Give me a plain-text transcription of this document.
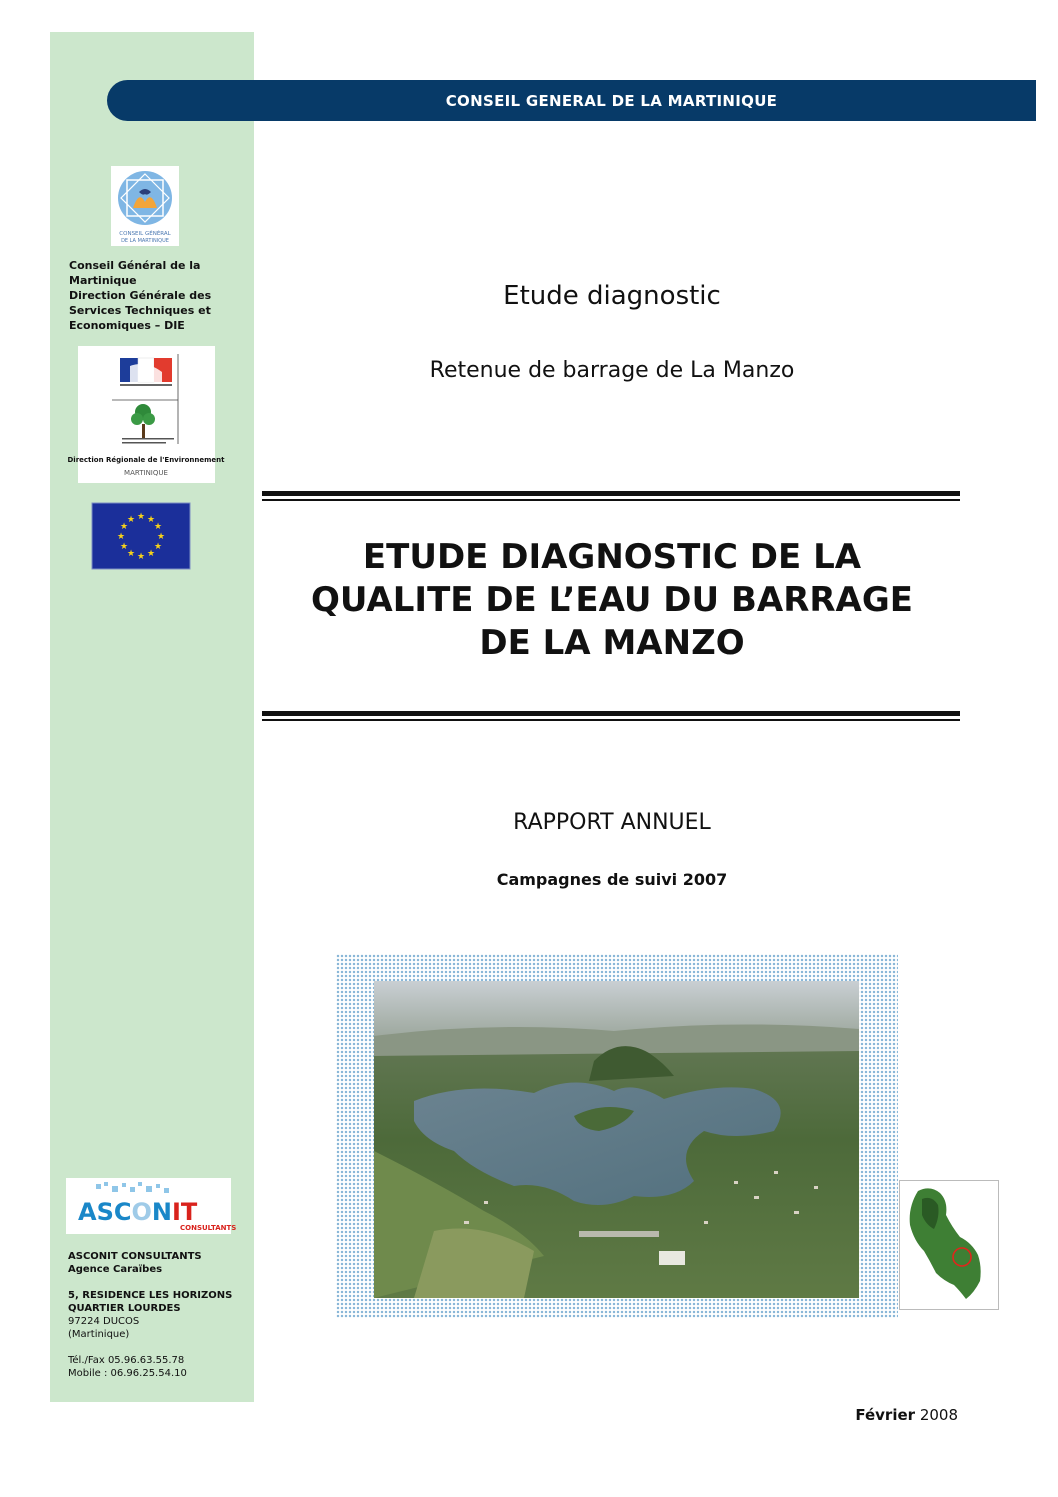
CONSEIL GENERAL DE LA MARTINIQUE
CONSEIL GÉNÉRAL
DE LA MARTINIQUE
Conseil Général de la
Martinique
Direction Générale des
Services Techniques et
Economiques – DIE
Direction Régionale de l'Environnement
MARTINIQUE
★ ★
★
★
★
★
★
★
★
★
★
★
ASCONIT
CONSULTANTS
ASCONIT CONSULTANTS
Agence Caraïbes
5, RESIDENCE LES HORIZONS
QUARTIER LOURDES
97224 DUCOS
(Martinique)
Tél./Fax 05.96.63.55.78
Mobile : 06.96.25.54.10
Etude diagnostic
Retenue de barrage de La Manzo
ETUDE DIAGNOSTIC DE LA
QUALITE DE L’EAU DU BARRAGE
DE LA MANZO
RAPPORT ANNUEL
Campagnes de suivi 2007
Février 2008
